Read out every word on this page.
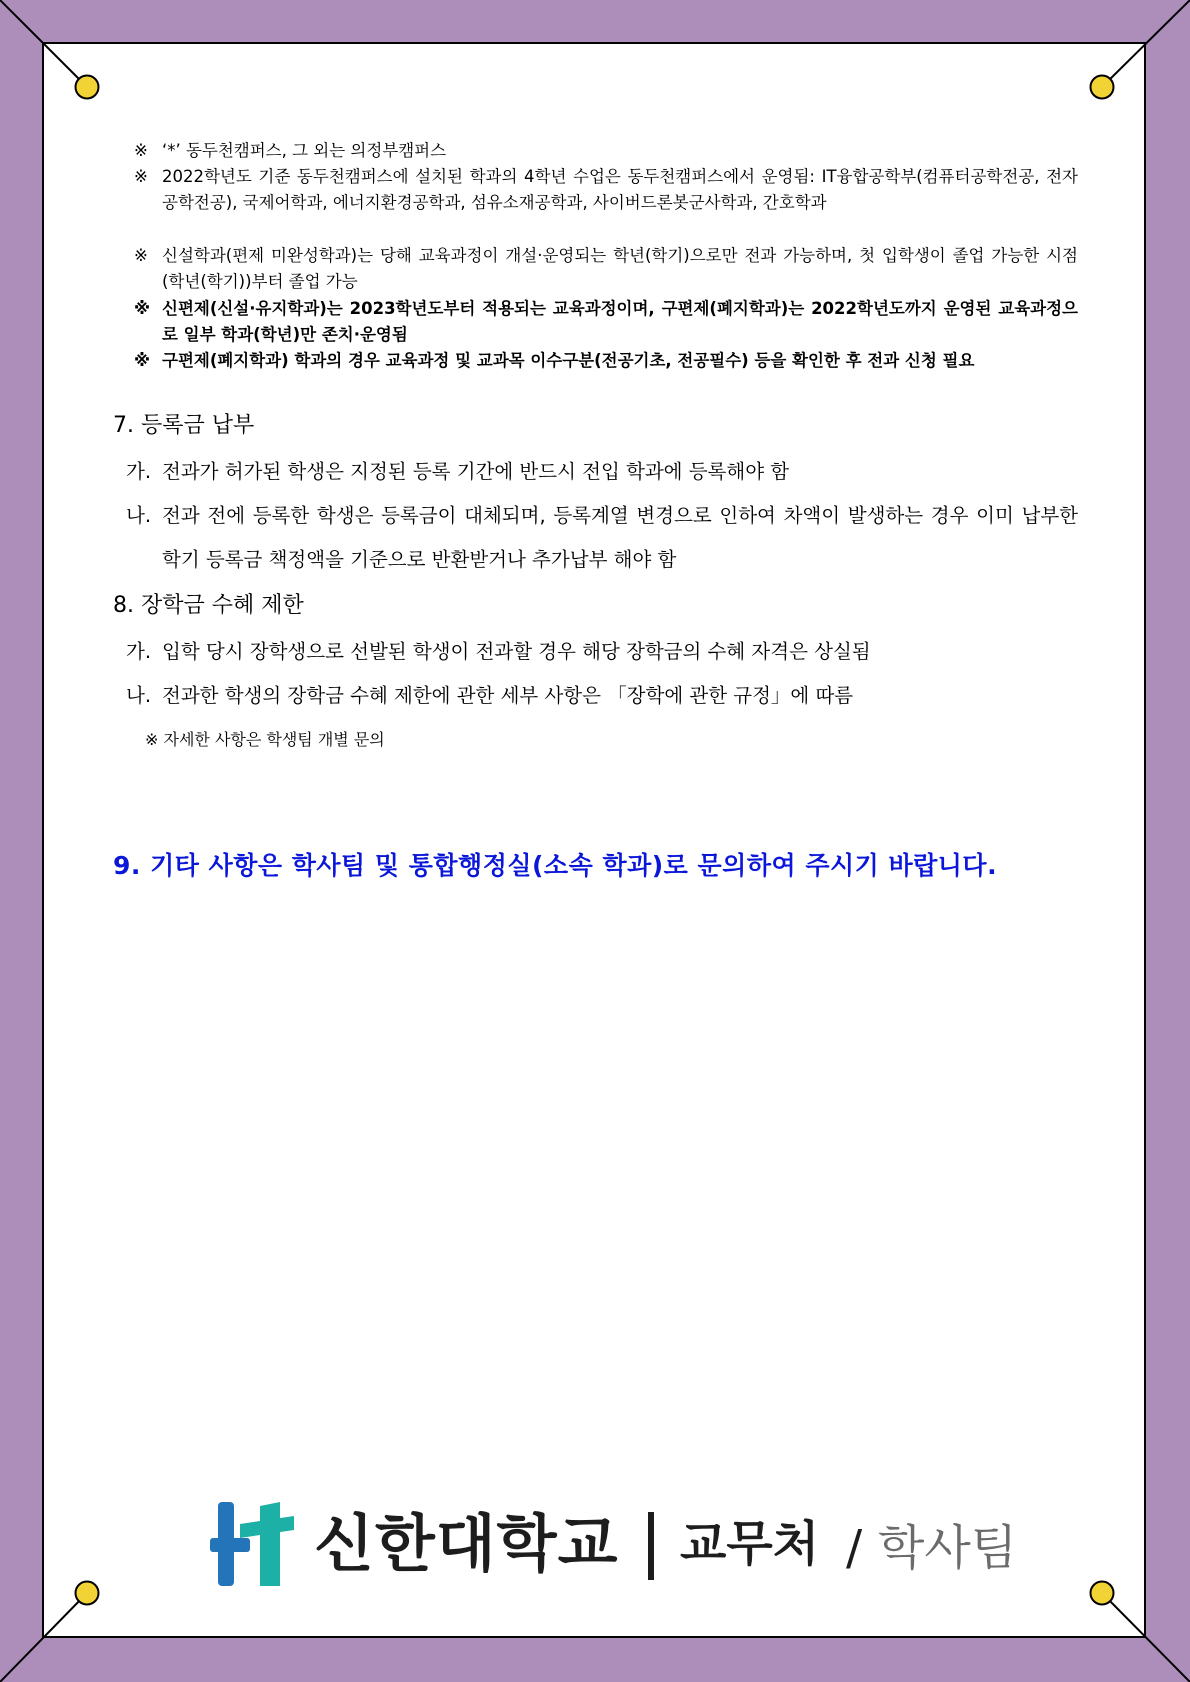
※ ‘*’ 동두천캠퍼스, 그 외는 의정부캠퍼스
※ 2022학년도 기준 동두천캠퍼스에 설치된 학과의 4학년 수업은 동두천캠퍼스에서 운영됨: IT융합공학부(컴퓨터공학전공, 전자공학전공), 국제어학과, 에너지환경공학과, 섬유소재공학과, 사이버드론봇군사학과, 간호학과
※ 신설학과(편제 미완성학과)는 당해 교육과정이 개설·운영되는 학년(학기)으로만 전과 가능하며, 첫 입학생이 졸업 가능한 시점(학년(학기))부터 졸업 가능
※ 신편제(신설·유지학과)는 2023학년도부터 적용되는 교육과정이며, 구편제(폐지학과)는 2022학년도까지 운영된 교육과정으로 일부 학과(학년)만 존치·운영됨
※ 구편제(폐지학과) 학과의 경우 교육과정 및 교과목 이수구분(전공기초, 전공필수) 등을 확인한 후 전과 신청 필요
7. 등록금 납부
가. 전과가 허가된 학생은 지정된 등록 기간에 반드시 전입 학과에 등록해야 함
나. 전과 전에 등록한 학생은 등록금이 대체되며, 등록계열 변경으로 인하여 차액이 발생하는 경우 이미 납부한 학기 등록금 책정액을 기준으로 반환받거나 추가납부 해야 함
8. 장학금 수혜 제한
가. 입학 당시 장학생으로 선발된 학생이 전과할 경우 해당 장학금의 수혜 자격은 상실됨
나. 전과한 학생의 장학금 수혜 제한에 관한 세부 사항은 「장학에 관한 규정」에 따름
※ 자세한 사항은 학생팀 개별 문의
9. 기타 사항은 학사팀 및 통합행정실(소속 학과)로 문의하여 주시기 바랍니다.
신한대학교 교무처 / 학사팀
